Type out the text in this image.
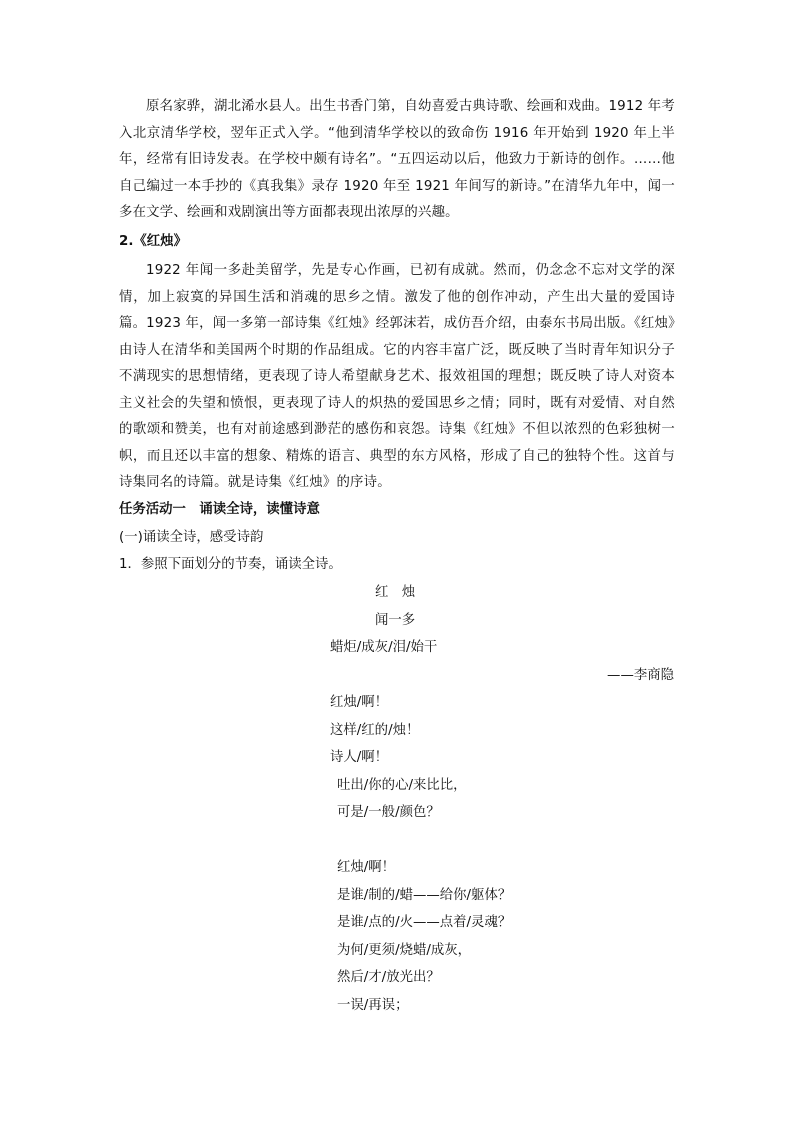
原名家骅，湖北浠水县人。出生书香门第，自幼喜爱古典诗歌、绘画和戏曲。1912 年考入北京清华学校，翌年正式入学。“他到清华学校以的致命伤 1916 年开始到 1920 年上半年，经常有旧诗发表。在学校中颇有诗名”。“五四运动以后，他致力于新诗的创作。……他自己编过一本手抄的《真我集》录存 1920 年至 1921 年间写的新诗。”在清华九年中，闻一多在文学、绘画和戏剧演出等方面都表现出浓厚的兴趣。

2.《红烛》

1922 年闻一多赴美留学，先是专心作画，已初有成就。然而，仍念念不忘对文学的深情，加上寂寞的异国生活和消魂的思乡之情。激发了他的创作冲动，产生出大量的爱国诗篇。1923 年，闻一多第一部诗集《红烛》经郭沫若，成仿吾介绍，由泰东书局出版。《红烛》由诗人在清华和美国两个时期的作品组成。它的内容丰富广泛，既反映了当时青年知识分子不满现实的思想情绪，更表现了诗人希望献身艺术、报效祖国的理想；既反映了诗人对资本主义社会的失望和愤恨，更表现了诗人的炽热的爱国思乡之情；同时，既有对爱情、对自然的歌颂和赞美，也有对前途感到渺茫的感伤和哀怨。诗集《红烛》不但以浓烈的色彩独树一帜，而且还以丰富的想象、精炼的语言、典型的东方风格，形成了自己的独特个性。这首与诗集同名的诗篇。就是诗集《红烛》的序诗。

任务活动一　诵读全诗，读懂诗意

(一)诵读全诗，感受诗韵

1．参照下面划分的节奏，诵读全诗。

红　烛

闻一多

蜡炬/成灰/泪/始干

——李商隐

红烛/啊！

这样/红的/烛！

诗人/啊！

吐出/你的心/来比比，

可是/一般/颜色？

红烛/啊！

是谁/制的/蜡——给你/躯体？

是谁/点的/火——点着/灵魂？

为何/更须/烧蜡/成灰，

然后/才/放光出？

一误/再误；
